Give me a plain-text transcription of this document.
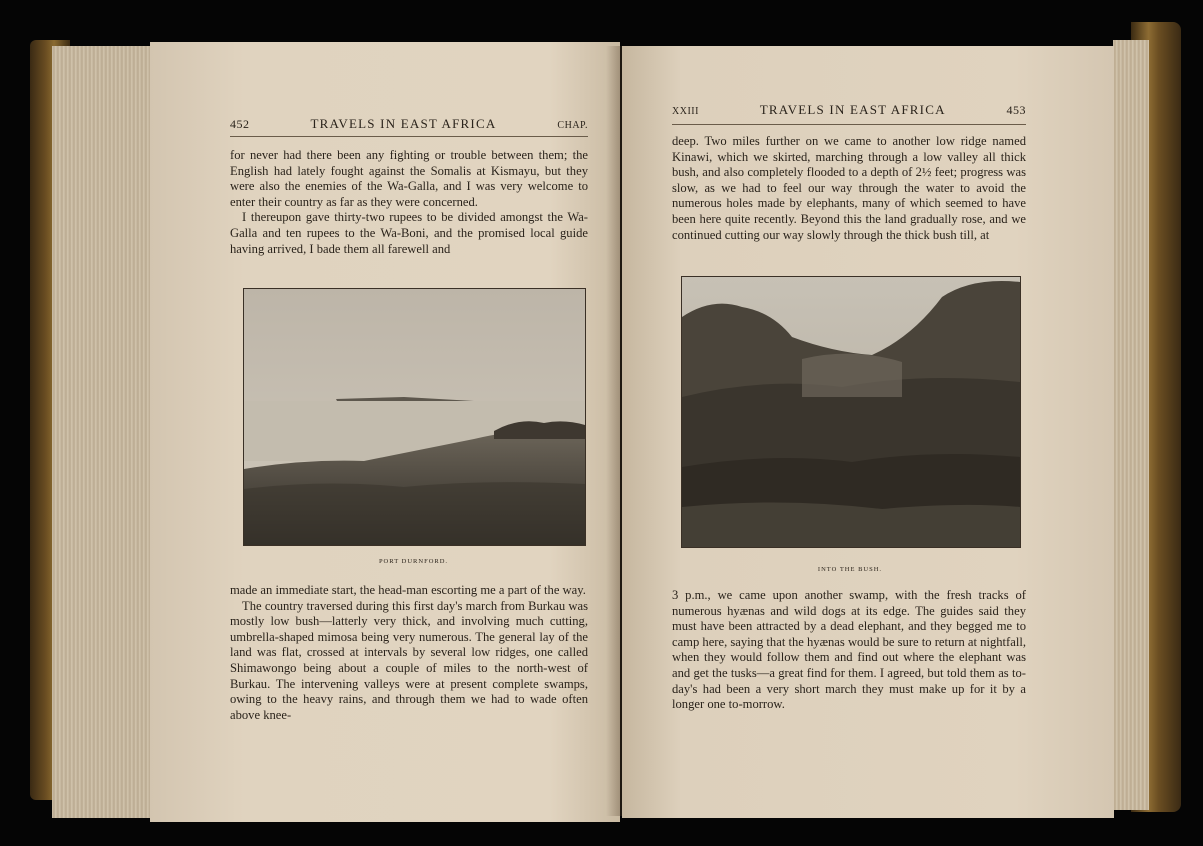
452	TRAVELS IN EAST AFRICA	CHAP.

for never had there been any fighting or trouble between them; the English had lately fought against the Somalis at Kismayu, but they were also the enemies of the Wa-Galla, and I was very welcome to enter their country as far as they were concerned.

I thereupon gave thirty-two rupees to be divided amongst the Wa-Galla and ten rupees to the Wa-Boni, and the promised local guide having arrived, I bade them all farewell and

PORT DURNFORD.

made an immediate start, the head-man escorting me a part of the way.

The country traversed during this first day's march from Burkau was mostly low bush—latterly very thick, and involving much cutting, umbrella-shaped mimosa being very numerous. The general lay of the land was flat, crossed at intervals by several low ridges, one called Shimawongo being about a couple of miles to the north-west of Burkau. The intervening valleys were at present complete swamps, owing to the heavy rains, and through them we had to wade often above knee-

XXIII	TRAVELS IN EAST AFRICA	453

deep. Two miles further on we came to another low ridge named Kinawi, which we skirted, marching through a low valley all thick bush, and also completely flooded to a depth of 2½ feet; progress was slow, as we had to feel our way through the water to avoid the numerous holes made by elephants, many of which seemed to have been here quite recently. Beyond this the land gradually rose, and we continued cutting our way slowly through the thick bush till, at

INTO THE BUSH.

3 p.m., we came upon another swamp, with the fresh tracks of numerous hyænas and wild dogs at its edge. The guides said they must have been attracted by a dead elephant, and they begged me to camp here, saying that the hyænas would be sure to return at nightfall, when they would follow them and find out where the elephant was and get the tusks—a great find for them. I agreed, but told them as to-day's had been a very short march they must make up for it by a longer one to-morrow.
